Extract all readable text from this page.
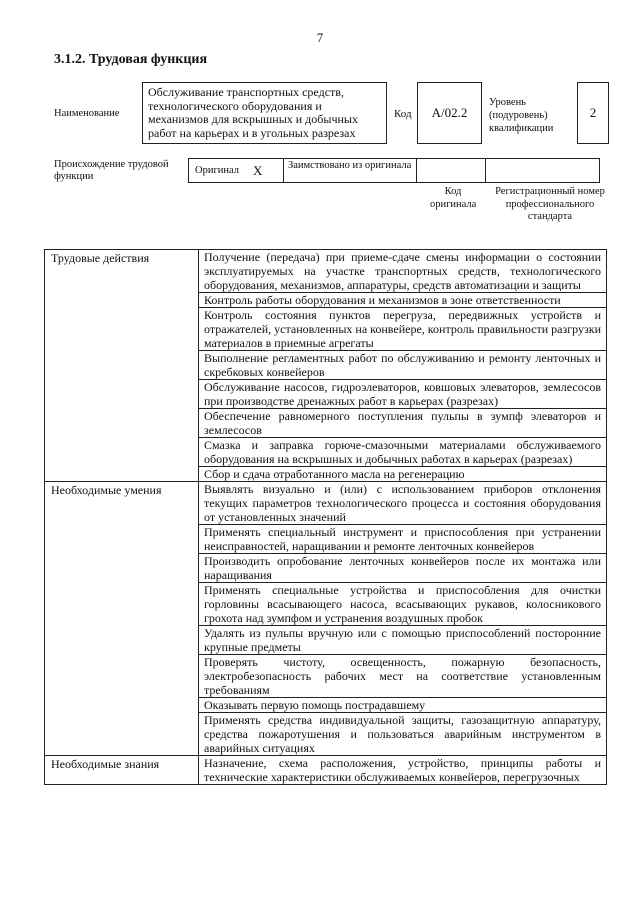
7
3.1.2. Трудовая функция
Наименование
Обслуживание транспортных средств, технологического оборудования и механизмов для вскрышных и добычных работ на карьерах и в угольных разрезах
Код	A/02.2
Уровень (подуровень) квалификации
2
Происхождение трудовой функции
Оригинал X	Заимствовано из оригинала
Код оригинала
Регистрационный номер профессионального стандарта
Трудовые действия	Получение (передача) при приеме-сдаче смены информации о состоянии эксплуатируемых на участке транспортных средств, технологического оборудования, механизмов, аппаратуры, средств автоматизации и защиты
	Контроль работы оборудования и механизмов в зоне ответственности
	Контроль состояния пунктов перегруза, передвижных устройств и отражателей, установленных на конвейере, контроль правильности разгрузки материалов в приемные агрегаты
	Выполнение регламентных работ по обслуживанию и ремонту ленточных и скребковых конвейеров
	Обслуживание насосов, гидроэлеваторов, ковшовых элеваторов, землесосов при производстве дренажных работ в карьерах (разрезах)
	Обеспечение равномерного поступления пульпы в зумпф элеваторов и землесосов
	Смазка и заправка горюче-смазочными материалами обслуживаемого оборудования на вскрышных и добычных работах в карьерах (разрезах)
	Сбор и сдача отработанного масла на регенерацию
Необходимые умения	Выявлять визуально и (или) с использованием приборов отклонения текущих параметров технологического процесса и состояния оборудования от установленных значений
	Применять специальный инструмент и приспособления при устранении неисправностей, наращивании и ремонте ленточных конвейеров
	Производить опробование ленточных конвейеров после их монтажа или наращивания
	Применять специальные устройства и приспособления для очистки горловины всасывающего насоса, всасывающих рукавов, колосникового грохота над зумпфом и устранения воздушных пробок
	Удалять из пульпы вручную или с помощью приспособлений посторонние крупные предметы
	Проверять чистоту, освещенность, пожарную безопасность, электробезопасность рабочих мест на соответствие установленным требованиям
	Оказывать первую помощь пострадавшему
	Применять средства индивидуальной защиты, газозащитную аппаратуру, средства пожаротушения и пользоваться аварийным инструментом в аварийных ситуациях
Необходимые знания	Назначение, схема расположения, устройство, принципы работы и технические характеристики обслуживаемых конвейеров, перегрузочных
